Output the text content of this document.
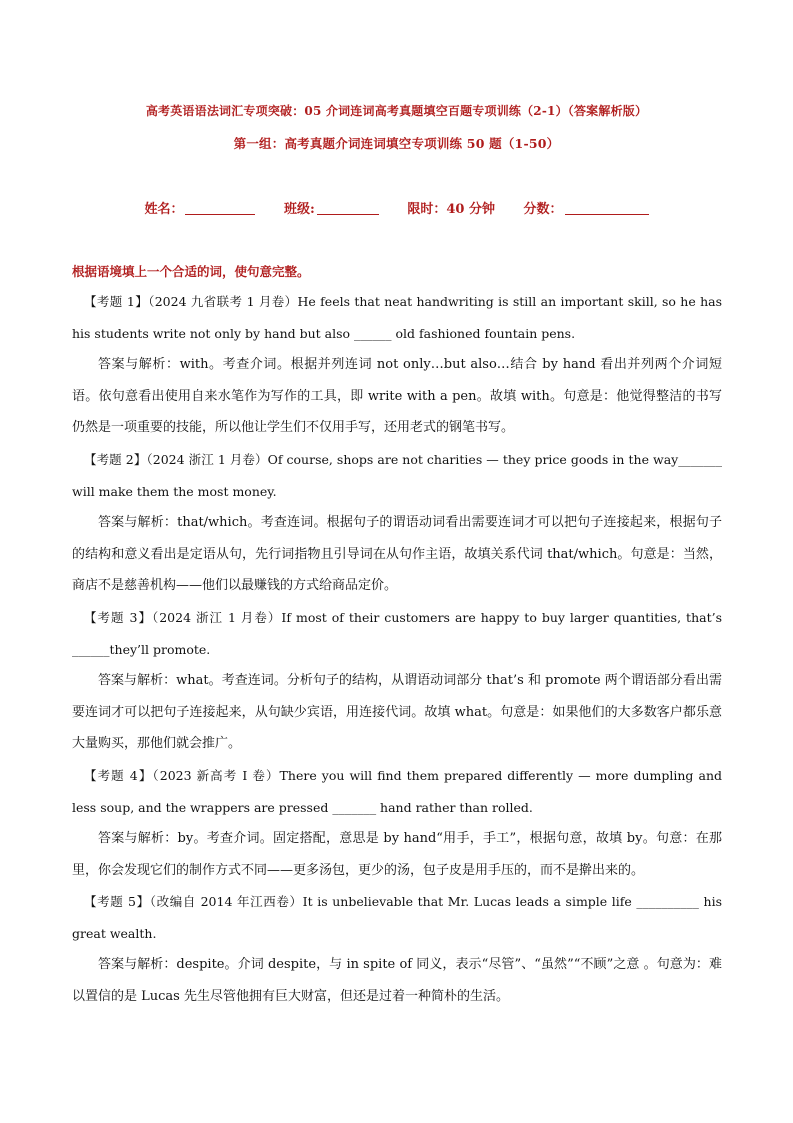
高考英语语法词汇专项突破：05 介词连词高考真题填空百题专项训练（2-1）（答案解析版）
第一组：高考真题介词连词填空专项训练 50 题（1-50）
姓名：	班级:	限时：40 分钟 分数：
根据语境填上一个合适的词，使句意完整。

【考题 1】（2024 九省联考 1 月卷）He feels that neat handwriting is still an important skill, so he has his students write not only by hand but also ______ old fashioned fountain pens.

答案与解析：with。考查介词。根据并列连词 not only…but also…结合 by hand 看出并列两个介词短语。依句意看出使用自来水笔作为写作的工具，即 write with a pen。故填 with。句意是：他觉得整洁的书写仍然是一项重要的技能，所以他让学生们不仅用手写，还用老式的钢笔书写。

【考题 2】（2024 浙江 1 月卷）Of course, shops are not charities — they price goods in the way_______ will make them the most money.

答案与解析：that/which。考查连词。根据句子的谓语动词看出需要连词才可以把句子连接起来，根据句子的结构和意义看出是定语从句，先行词指物且引导词在从句作主语，故填关系代词 that/which。句意是：当然，商店不是慈善机构——他们以最赚钱的方式给商品定价。

【考题 3】（2024 浙江 1 月卷）If most of their customers are happy to buy larger quantities, that’s ______they’ll promote.

答案与解析：what。考查连词。分析句子的结构，从谓语动词部分 that’s 和 promote 两个谓语部分看出需要连词才可以把句子连接起来，从句缺少宾语，用连接代词。故填 what。句意是：如果他们的大多数客户都乐意大量购买，那他们就会推广。

【考题 4】（2023 新高考 I 卷）There you will find them prepared differently — more dumpling and less soup, and the wrappers are pressed _______ hand rather than rolled.

答案与解析：by。考查介词。固定搭配，意思是 by hand“用手，手工”，根据句意，故填 by。句意：在那里，你会发现它们的制作方式不同——更多汤包，更少的汤，包子皮是用手压的，而不是擀出来的。

【考题 5】（改编自 2014 年江西卷）It is unbelievable that Mr. Lucas leads a simple life __________ his great wealth.

答案与解析：despite。介词 despite，与 in spite of 同义，表示“尽管”、“虽然”“不顾”之意 。句意为：难以置信的是 Lucas 先生尽管他拥有巨大财富，但还是过着一种简朴的生活。
